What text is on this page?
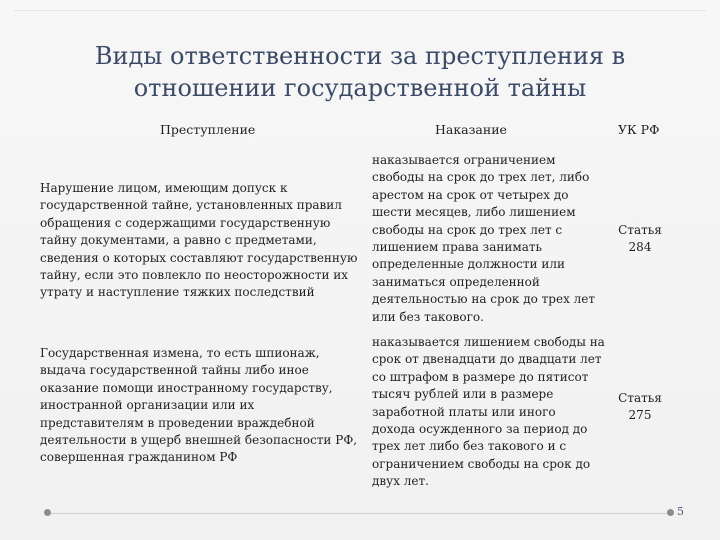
Виды ответственности за преступления в
отношении государственной тайны
Преступление	Наказание	УК РФ
Нарушение лицом, имеющим допуск к
государственной тайне, установленных правил
обращения с содержащими государственную
тайну документами, а равно с предметами,
сведения о которых составляют государственную
тайну, если это повлекло по неосторожности их
утрату и наступление тяжких последствий
наказывается ограничением
свободы на срок до трех лет, либо
арестом на срок от четырех до
шести месяцев, либо лишением
свободы на срок до трех лет с
лишением права занимать
определенные должности или
заниматься определенной
деятельностью на срок до трех лет
или без такового.
Статья
284
Государственная измена, то есть шпионаж,
выдача государственной тайны либо иное
оказание помощи иностранному государству,
иностранной организации или их
представителям в проведении враждебной
деятельности в ущерб внешней безопасности РФ,
совершенная гражданином РФ
наказывается лишением свободы на
срок от двенадцати до двадцати лет
со штрафом в размере до пятисот
тысяч рублей или в размере
заработной платы или иного
дохода осужденного за период до
трех лет либо без такового и с
ограничением свободы на срок до
двух лет.
Статья
275
5
